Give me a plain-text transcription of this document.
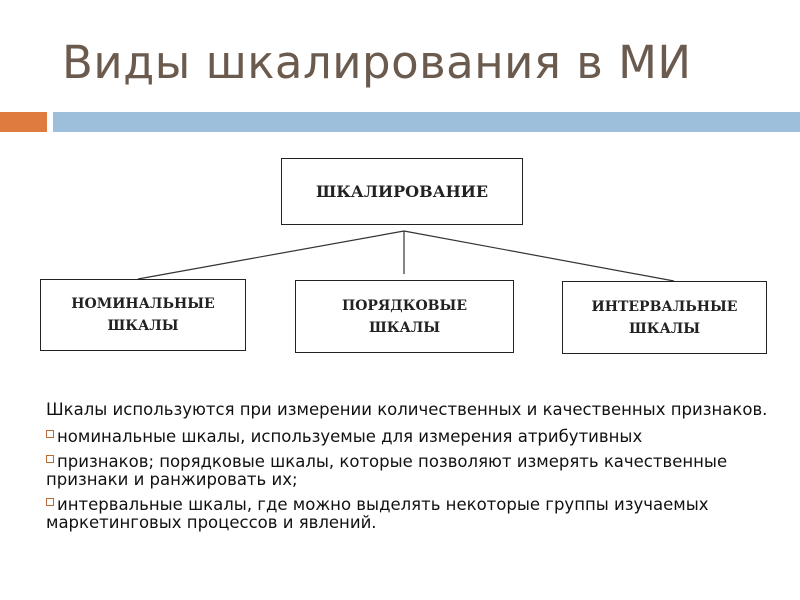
Виды шкалирования в МИ
ШКАЛИРОВАНИЕ
НОМИНАЛЬНЫЕ
ШКАЛЫ
ПОРЯДКОВЫЕ
ШКАЛЫ
ИНТЕРВАЛЬНЫЕ
ШКАЛЫ

Шкалы используются при измерении количественных и качественных признаков.

номинальные шкалы, используемые для измерения атрибутивных

признаков; порядковые шкалы, которые позволяют измерять качественные признаки и ранжировать их;

интервальные шкалы, где можно выделять некоторые группы изучаемых маркетинговых процессов и явлений.
